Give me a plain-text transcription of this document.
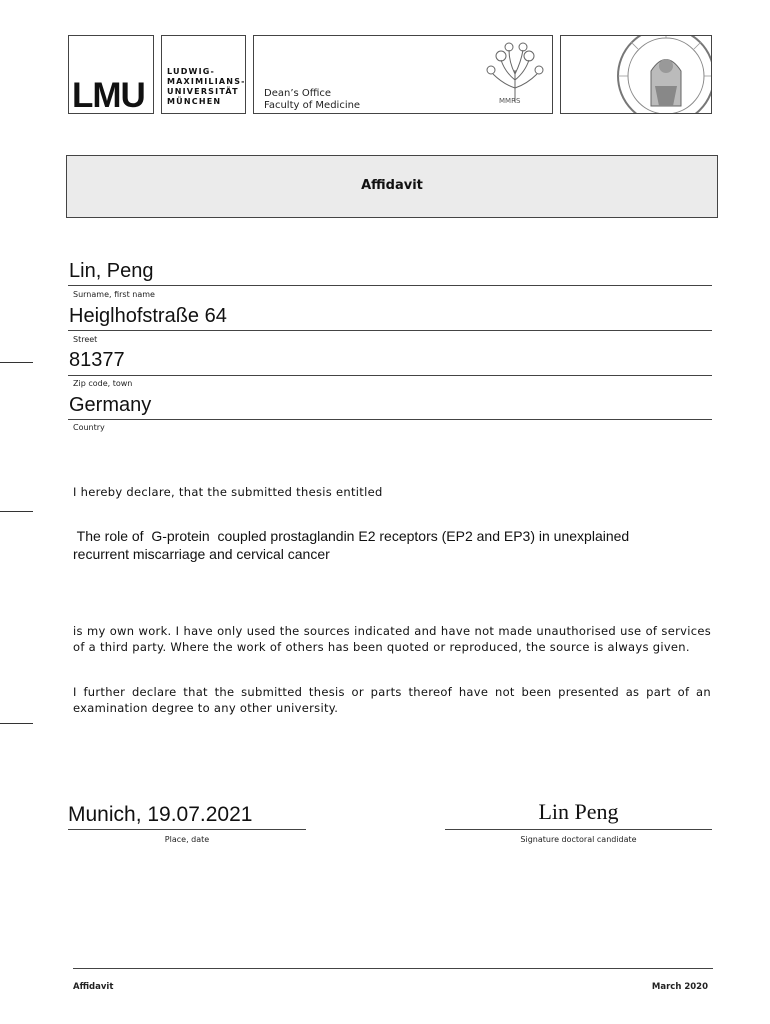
LMU
LUDWIG-
MAXIMILIANS-
UNIVERSITÄT
MÜNCHEN
Dean’s Office
Faculty of Medicine	MMRS
Affidavit
Lin, Peng
Surname, first name
Heiglhofstraße 64
Street
81377
Zip code, town
Germany
Country
I hereby declare, that the submitted thesis entitled
The role of  G-protein  coupled prostaglandin E2 receptors (EP2 and EP3) in unexplained
recurrent miscarriage and cervical cancer
is my own work. I have only used the sources indicated and have not made unauthorised use of services of a third party. Where the work of others has been quoted or reproduced, the source is always given.
I further declare that the submitted thesis or parts thereof have not been presented as part of an examination degree to any other university.
Munich, 19.07.2021
Place, date
Lin Peng
Signature doctoral candidate
Affidavit	March 2020
